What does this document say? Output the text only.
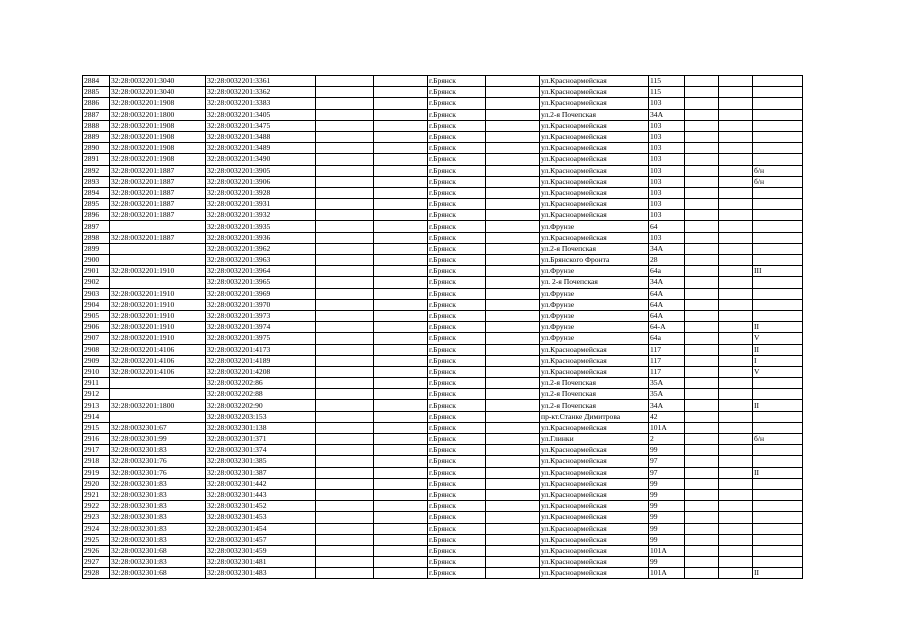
2884	32:28:0032201:3040	32:28:0032201:3361			г.Брянск		ул.Красноармейская	115			
2885	32:28:0032201:3040	32:28:0032201:3362			г.Брянск		ул.Красноармейская	115			
2886	32:28:0032201:1908	32:28:0032201:3383			г.Брянск		ул.Красноармейская	103			
2887	32:28:0032201:1800	32:28:0032201:3405			г.Брянск		ул.2-я Почепская	34А			
2888	32:28:0032201:1908	32:28:0032201:3475			г.Брянск		ул.Красноармейская	103			
2889	32:28:0032201:1908	32:28:0032201:3488			г.Брянск		ул.Красноармейская	103			
2890	32:28:0032201:1908	32:28:0032201:3489			г.Брянск		ул.Красноармейская	103			
2891	32:28:0032201:1908	32:28:0032201:3490			г.Брянск		ул.Красноармейская	103			
2892	32:28:0032201:1887	32:28:0032201:3905			г.Брянск		ул.Красноармейская	103			б/н
2893	32:28:0032201:1887	32:28:0032201:3906			г.Брянск		ул.Красноармейская	103			б/н
2894	32:28:0032201:1887	32:28:0032201:3928			г.Брянск		ул.Красноармейская	103			
2895	32:28:0032201:1887	32:28:0032201:3931			г.Брянск		ул.Красноармейская	103			
2896	32:28:0032201:1887	32:28:0032201:3932			г.Брянск		ул.Красноармейская	103			
2897		32:28:0032201:3935			г.Брянск		ул.Фрунзе	64			
2898	32:28:0032201:1887	32:28:0032201:3936			г.Брянск		ул.Красноармейская	103			
2899		32:28:0032201:3962			г.Брянск		ул.2-я Почепская	34А			
2900		32:28:0032201:3963			г.Брянск		ул.Брянского Фронта	28			
2901	32:28:0032201:1910	32:28:0032201:3964			г.Брянск		ул.Фрунзе	64а			III
2902		32:28:0032201:3965			г.Брянск		ул. 2-я Почепская	34А			
2903	32:28:0032201:1910	32:28:0032201:3969			г.Брянск		ул.Фрунзе	64А			
2904	32:28:0032201:1910	32:28:0032201:3970			г.Брянск		ул.Фрунзе	64А			
2905	32:28:0032201:1910	32:28:0032201:3973			г.Брянск		ул.Фрунзе	64А			
2906	32:28:0032201:1910	32:28:0032201:3974			г.Брянск		ул.Фрунзе	64-А			II
2907	32:28:0032201:1910	32:28:0032201:3975			г.Брянск		ул.Фрунзе	64а			V
2908	32:28:0032201:4106	32:28:0032201:4173			г.Брянск		ул.Красноармейская	117			II
2909	32:28:0032201:4106	32:28:0032201:4189			г.Брянск		ул.Красноармейская	117			I
2910	32:28:0032201:4106	32:28:0032201:4208			г.Брянск		ул.Красноармейская	117			V
2911		32:28:0032202:86			г.Брянск		ул.2-я Почепская	35А			
2912		32:28:0032202:88			г.Брянск		ул.2-я Почепская	35А			
2913	32:28:0032201:1800	32:28:0032202:90			г.Брянск		ул.2-я Почепская	34А			II
2914		32:28:0032203:153			г.Брянск		пр-кт.Станке Димитрова	42			
2915	32:28:0032301:67	32:28:0032301:138			г.Брянск		ул.Красноармейская	101А			
2916	32:28:0032301:99	32:28:0032301:371			г.Брянск		ул.Глинки	2			б/н
2917	32:28:0032301:83	32:28:0032301:374			г.Брянск		ул.Красноармейская	99			
2918	32:28:0032301:76	32:28:0032301:385			г.Брянск		ул.Красноармейская	97			
2919	32:28:0032301:76	32:28:0032301:387			г.Брянск		ул.Красноармейская	97			II
2920	32:28:0032301:83	32:28:0032301:442			г.Брянск		ул.Красноармейская	99			
2921	32:28:0032301:83	32:28:0032301:443			г.Брянск		ул.Красноармейская	99			
2922	32:28:0032301:83	32:28:0032301:452			г.Брянск		ул.Красноармейская	99			
2923	32:28:0032301:83	32:28:0032301:453			г.Брянск		ул.Красноармейская	99			
2924	32:28:0032301:83	32:28:0032301:454			г.Брянск		ул.Красноармейская	99			
2925	32:28:0032301:83	32:28:0032301:457			г.Брянск		ул.Красноармейская	99			
2926	32:28:0032301:68	32:28:0032301:459			г.Брянск		ул.Красноармейская	101А			
2927	32:28:0032301:83	32:28:0032301:481			г.Брянск		ул.Красноармейская	99			
2928	32:28:0032301:68	32:28:0032301:483			г.Брянск		ул.Красноармейская	101А			II
